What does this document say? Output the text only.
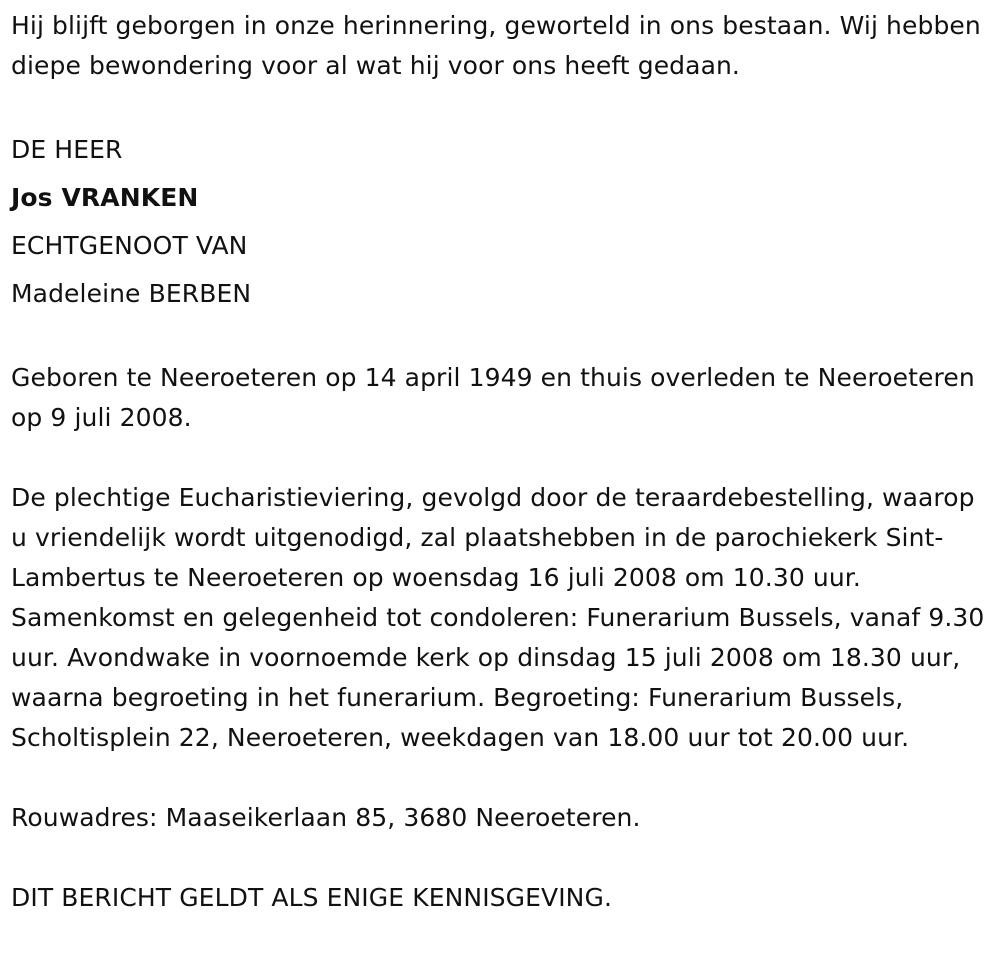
Hij blijft geborgen in onze herinnering, geworteld in ons bestaan. Wij hebben diepe bewondering voor al wat hij voor ons heeft gedaan.

DE HEER

Jos VRANKEN

ECHTGENOOT VAN

Madeleine BERBEN

Geboren te Neeroeteren op 14 april 1949 en thuis overleden te Neeroeteren op 9 juli 2008.

De plechtige Eucharistieviering, gevolgd door de teraardebestelling, waarop u vriendelijk wordt uitgenodigd, zal plaatshebben in de parochiekerk Sint-Lambertus te Neeroeteren op woensdag 16 juli 2008 om 10.30 uur. Samenkomst en gelegenheid tot condoleren: Funerarium Bussels, vanaf 9.30 uur. Avondwake in voornoemde kerk op dinsdag 15 juli 2008 om 18.30 uur, waarna begroeting in het funerarium. Begroeting: Funerarium Bussels, Scholtisplein 22, Neeroeteren, weekdagen van 18.00 uur tot 20.00 uur.

Rouwadres: Maaseikerlaan 85, 3680 Neeroeteren.

DIT BERICHT GELDT ALS ENIGE KENNISGEVING.
